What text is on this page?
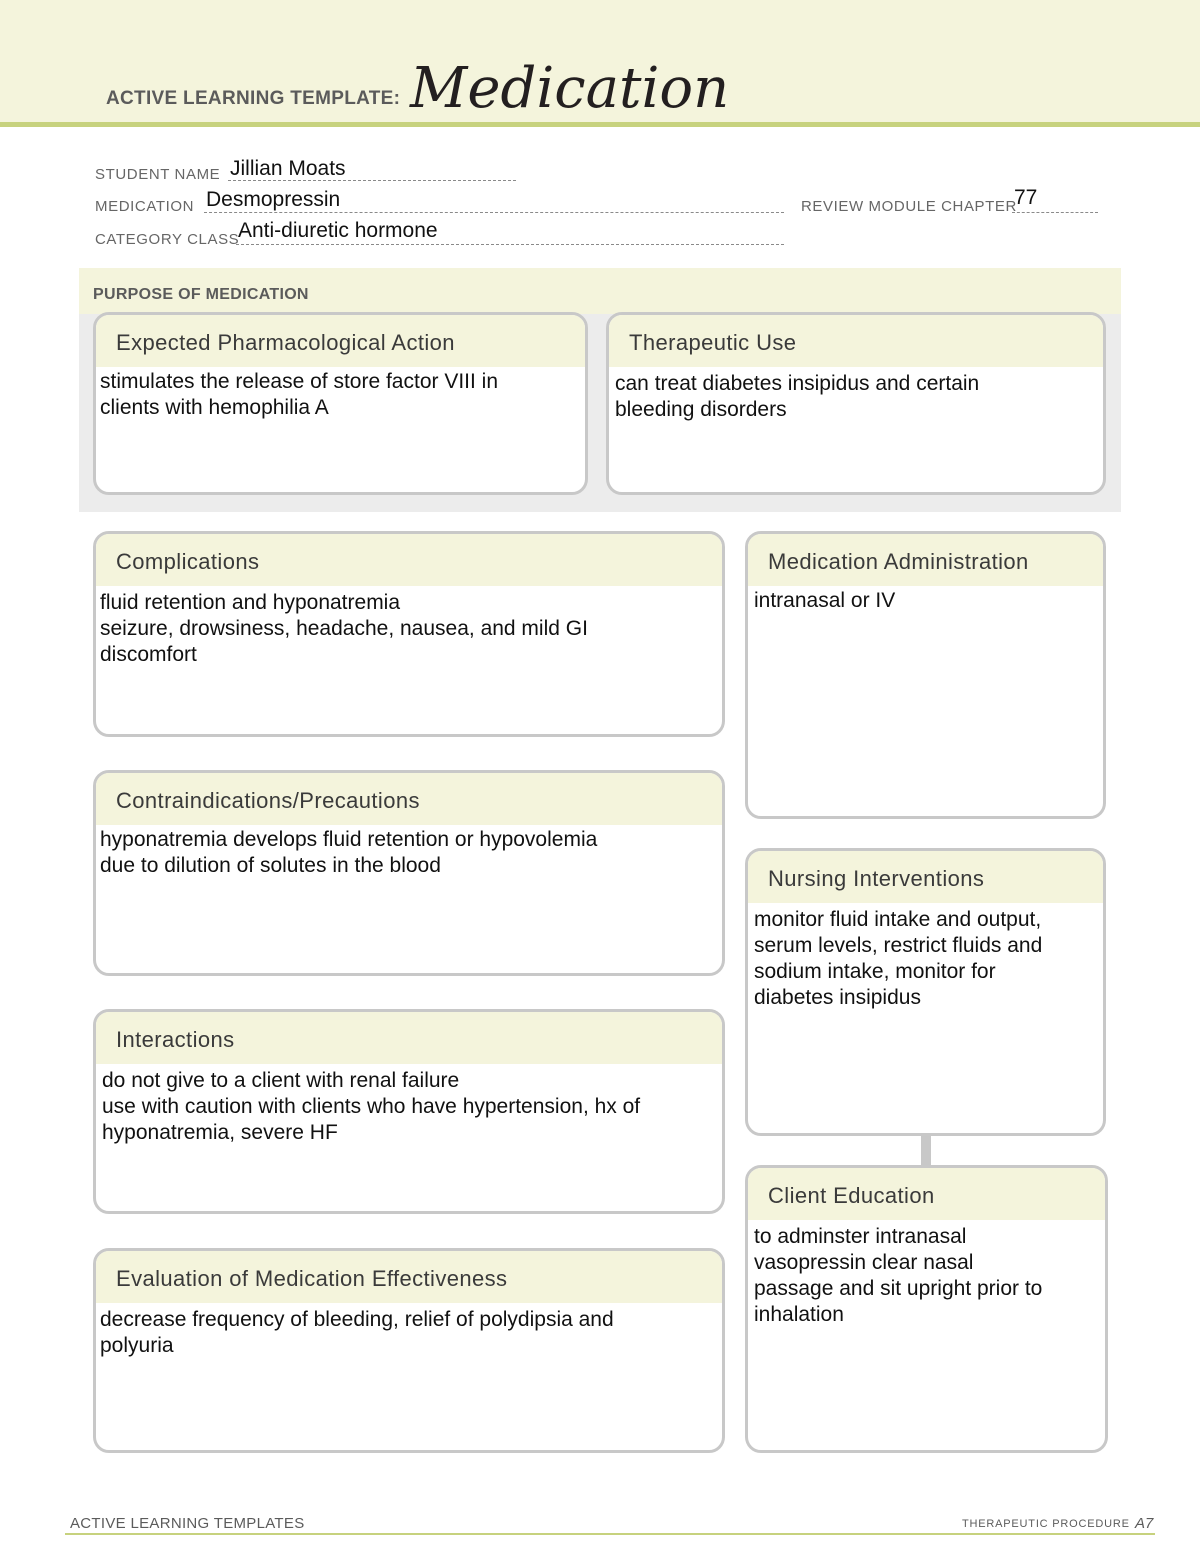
ACTIVE LEARNING TEMPLATE: Medication
STUDENT NAME Jillian Moats
MEDICATION Desmopressin	REVIEW MODULE CHAPTER
77
CATEGORY CLASS
Anti-diuretic hormone
PURPOSE OF MEDICATION
Expected Pharmacological Action
stimulates the release of store factor VIII in
clients with hemophilia A
Therapeutic Use
can treat diabetes insipidus and certain
bleeding disorders
Complications
fluid retention and hyponatremia
seizure, drowsiness, headache, nausea, and mild GI
discomfort
Contraindications/Precautions
hyponatremia develops fluid retention or hypovolemia
due to dilution of solutes in the blood
Interactions
do not give to a client with renal failure
use with caution with clients who have hypertension, hx of
hyponatremia, severe HF
Evaluation of Medication Effectiveness
decrease frequency of bleeding, relief of polydipsia and
polyuria
Medication Administration
intranasal or IV
Nursing Interventions
monitor fluid intake and output,
serum levels, restrict fluids and
sodium intake, monitor for
diabetes insipidus
Client Education
to adminster intranasal
vasopressin clear nasal
passage and sit upright prior to
inhalation
ACTIVE LEARNING TEMPLATES	THERAPEUTIC PROCEDURE A7
